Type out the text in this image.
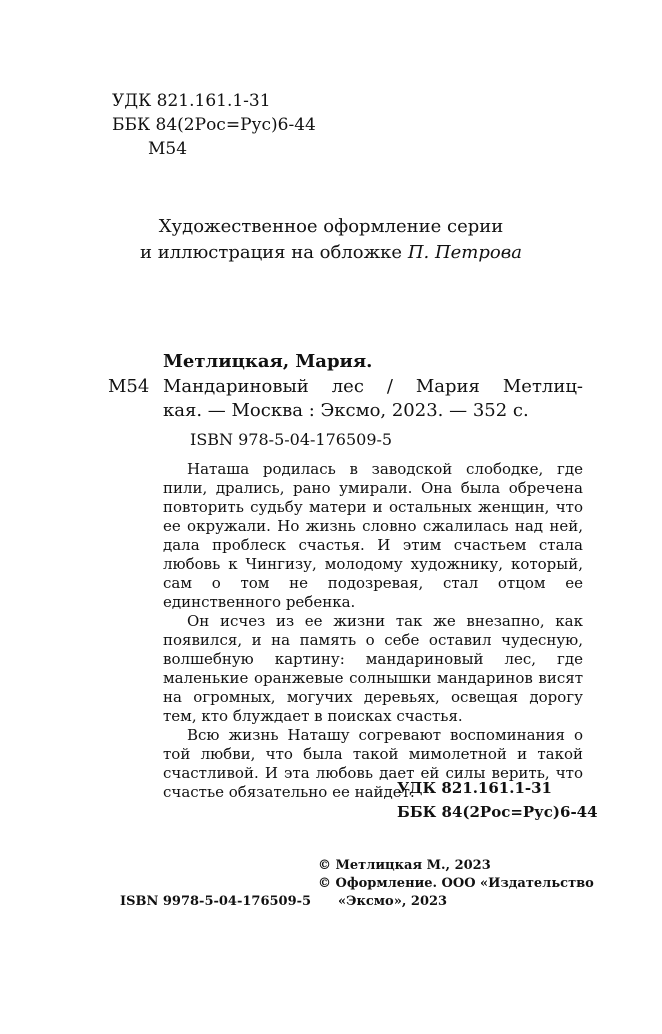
УДК 821.161.1-31

ББК 84(2Рос=Рус)6-44

М54

Художественное оформление серии

и иллюстрация на обложке П. Петрова

Метлицкая, Мария.

М54 Мандариновый лес / Мария Метлиц-

кая. — Москва : Эксмо, 2023. — 352 с.

ISBN 978-5-04-176509-5

Наташа родилась в заводской слободке, где пили, дрались, рано умирали. Она была обречена повторить судьбу матери и остальных женщин, что ее окружали. Но жизнь словно сжалилась над ней, дала проблеск счастья. И этим счастьем стала любовь к Чингизу, молодому художнику, который, сам о том не подозревая, стал отцом ее единственного ребенка.

Он исчез из ее жизни так же внезапно, как появился, и на память о себе оставил чудесную, волшебную картину: мандариновый лес, где маленькие оранжевые солнышки мандаринов висят на огромных, могучих деревьях, освещая дорогу тем, кто блуждает в поисках счастья.

Всю жизнь Наташу согревают воспоминания о той любви, что была такой мимолетной и такой счастливой. И эта любовь дает ей силы верить, что счастье обязательно ее найдет.

УДК 821.161.1-31

ББК 84(2Рос=Рус)6-44

© Метлицкая М., 2023

© Оформление. ООО «Издательство

«Эксмо», 2023

ISBN 9978-5-04-176509-5
